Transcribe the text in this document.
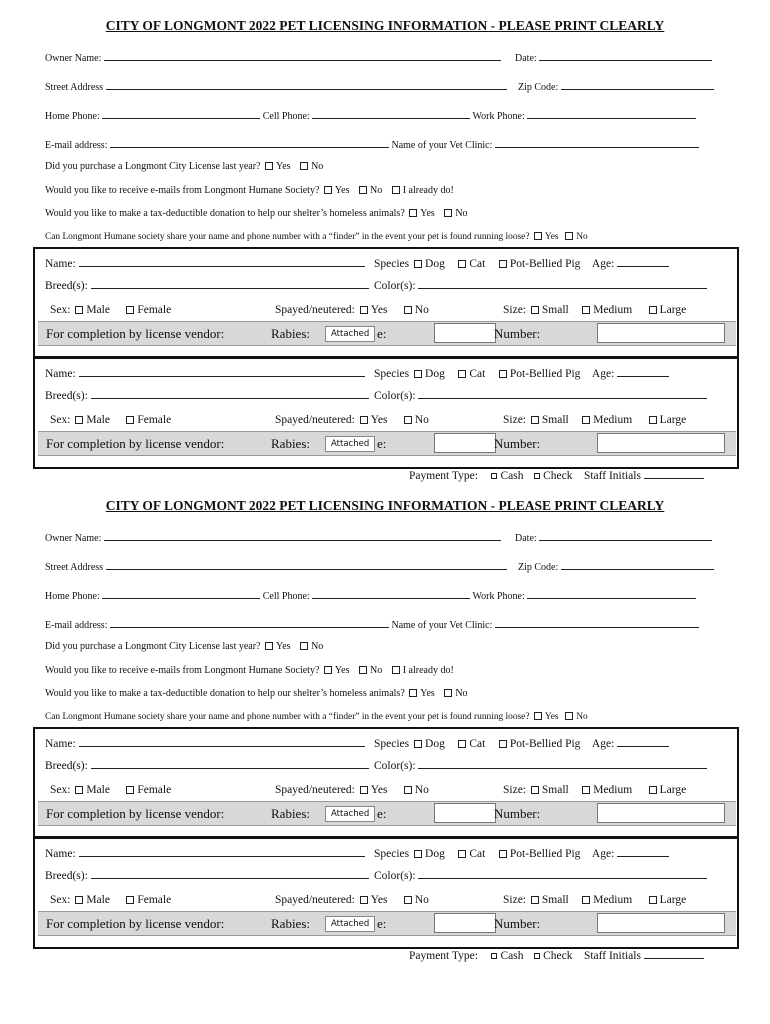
CITY OF LONGMONT 2022 PET LICENSING INFORMATION - PLEASE PRINT CLEARLY
Owner Name:	Date:
Street Address	Zip Code:
Home Phone:	Cell Phone:	Work Phone:
E-mail address:	Name of your Vet Clinic:
Did you purchase a Longmont City License last year? Yes No
Would you like to receive e-mails from Longmont Humane Society? Yes No I already do!
Would you like to make a tax-deductible donation to help our shelter’s homeless animals? Yes No
Can Longmont Humane society share your name and phone number with a “finder” in the event your pet is found running loose? Yes No
Name:	Species Dog Cat Pot-Bellied Pig Age:
Breed(s):	Color(s):
Sex: Male Female	Spayed/neutered: Yes No	Size: Small Medium Large
For completion by license vendor:	Rabies:	Attached e:	Number:
Name:	Species Dog Cat Pot-Bellied Pig Age:
Breed(s):	Color(s):
Sex: Male Female	Spayed/neutered: Yes No	Size: Small Medium Large
For completion by license vendor:	Rabies:	Attached e:	Number:
Payment Type: Cash Check Staff Initials
CITY OF LONGMONT 2022 PET LICENSING INFORMATION - PLEASE PRINT CLEARLY
Owner Name:	Date:
Street Address	Zip Code:
Home Phone:	Cell Phone:	Work Phone:
E-mail address:	Name of your Vet Clinic:
Did you purchase a Longmont City License last year? Yes No
Would you like to receive e-mails from Longmont Humane Society? Yes No I already do!
Would you like to make a tax-deductible donation to help our shelter’s homeless animals? Yes No
Can Longmont Humane society share your name and phone number with a “finder” in the event your pet is found running loose? Yes No
Name:	Species Dog Cat Pot-Bellied Pig Age:
Breed(s):	Color(s):
Sex: Male Female	Spayed/neutered: Yes No	Size: Small Medium Large
For completion by license vendor:	Rabies:	Attached e:	Number:
Name:	Species Dog Cat Pot-Bellied Pig Age:
Breed(s):	Color(s):
Sex: Male Female	Spayed/neutered: Yes No	Size: Small Medium Large
For completion by license vendor:	Rabies:	Attached e:	Number:
Payment Type: Cash Check Staff Initials
